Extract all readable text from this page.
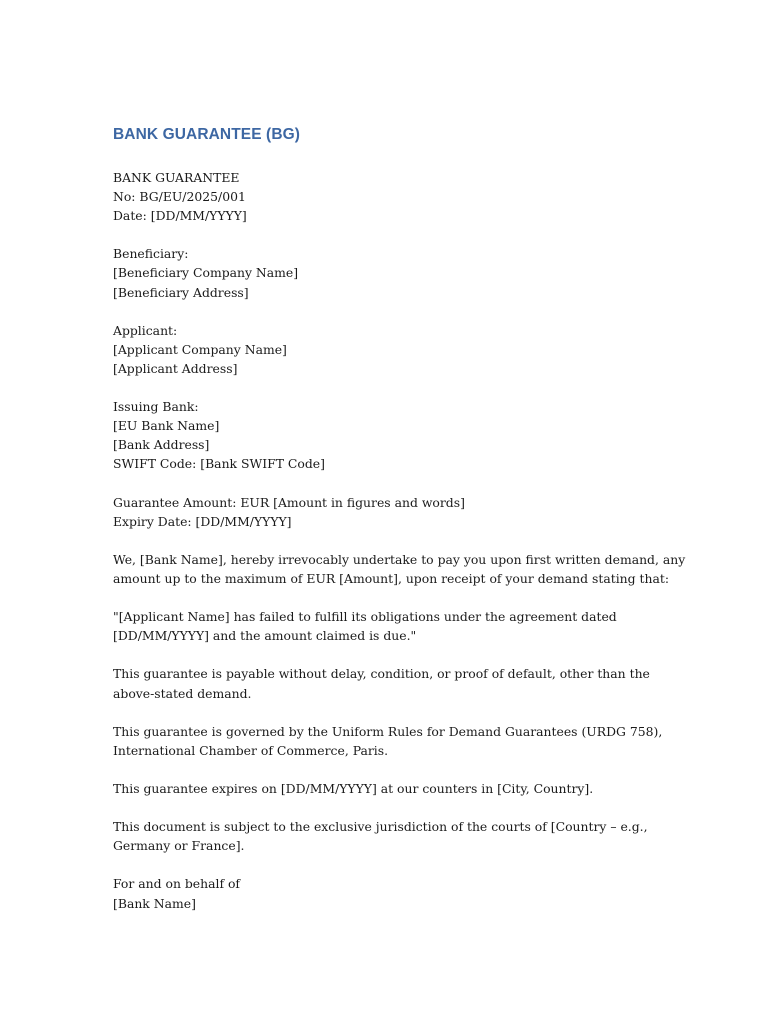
BANK GUARANTEE (BG)
BANK GUARANTEE
No: BG/EU/2025/001
Date: [DD/MM/YYYY]
Beneficiary:
[Beneficiary Company Name]
[Beneficiary Address]
Applicant:
[Applicant Company Name]
[Applicant Address]
Issuing Bank:
[EU Bank Name]
[Bank Address]
SWIFT Code: [Bank SWIFT Code]
Guarantee Amount: EUR [Amount in figures and words]
Expiry Date: [DD/MM/YYYY]
We, [Bank Name], hereby irrevocably undertake to pay you upon first written demand, any
amount up to the maximum of EUR [Amount], upon receipt of your demand stating that:
"[Applicant Name] has failed to fulfill its obligations under the agreement dated
[DD/MM/YYYY] and the amount claimed is due."
This guarantee is payable without delay, condition, or proof of default, other than the
above-stated demand.
This guarantee is governed by the Uniform Rules for Demand Guarantees (URDG 758),
International Chamber of Commerce, Paris.
This guarantee expires on [DD/MM/YYYY] at our counters in [City, Country].
This document is subject to the exclusive jurisdiction of the courts of [Country – e.g.,
Germany or France].
For and on behalf of
[Bank Name]
